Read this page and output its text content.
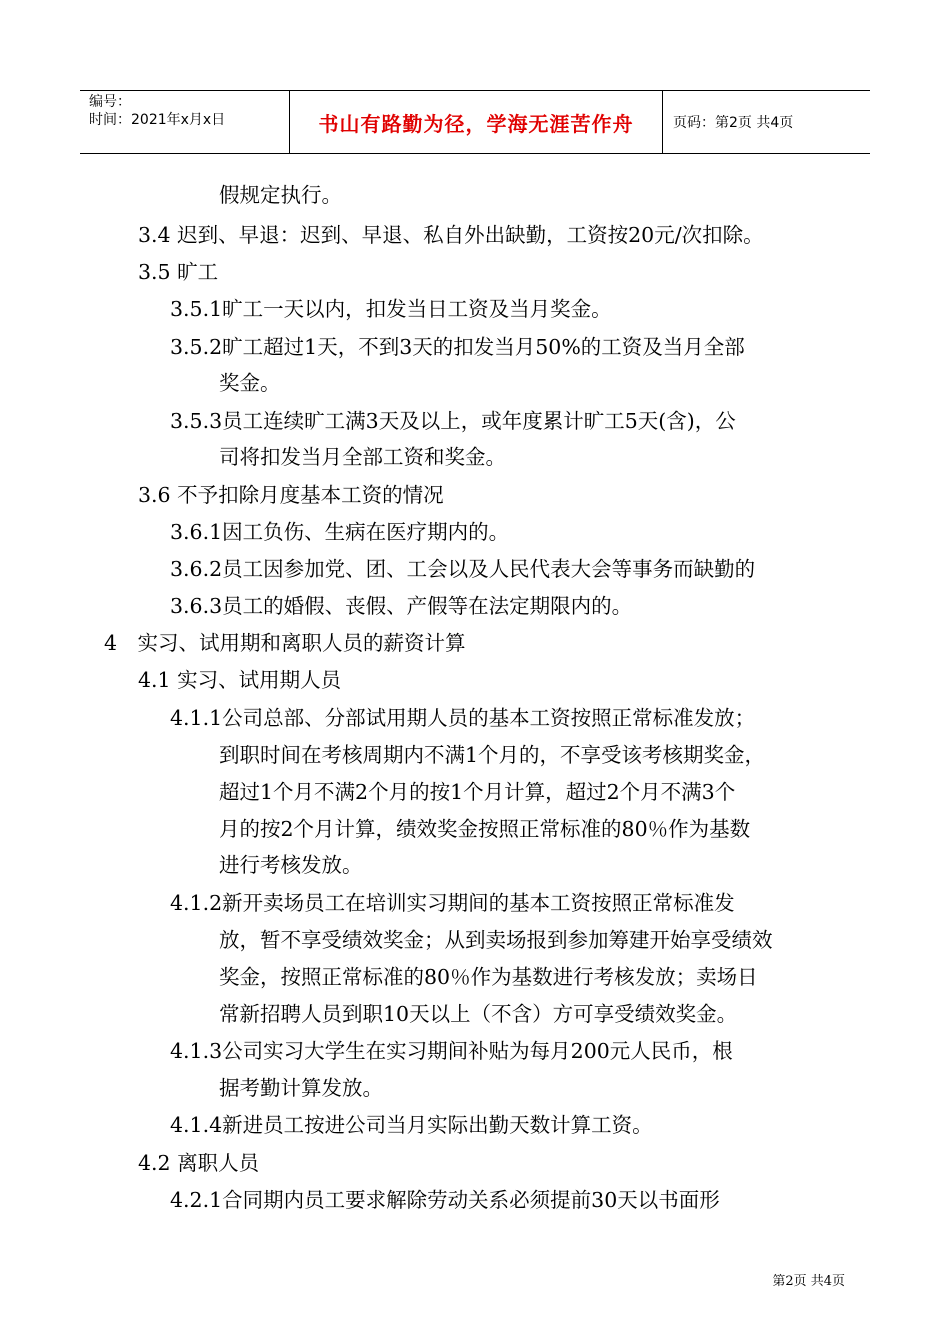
编号：
时间：2021年x月x日	书山有路勤为径，学海无涯苦作舟	页码：第2页 共4页
假规定执行。
3.4 迟到、早退：迟到、早退、私自外出缺勤，工资按20元/次扣除。
3.5 旷工
3.5.1旷工一天以内，扣发当日工资及当月奖金。
3.5.2旷工超过1天，不到3天的扣发当月50%的工资及当月全部
奖金。
3.5.3员工连续旷工满3天及以上，或年度累计旷工5天(含)，公
司将扣发当月全部工资和奖金。
3.6 不予扣除月度基本工资的情况
3.6.1因工负伤、生病在医疗期内的。
3.6.2员工因参加党、团、工会以及人民代表大会等事务而缺勤的
3.6.3员工的婚假、丧假、产假等在法定期限内的。
4　实习、试用期和离职人员的薪资计算
4.1 实习、试用期人员
4.1.1公司总部、分部试用期人员的基本工资按照正常标准发放；
到职时间在考核周期内不满1个月的，不享受该考核期奖金，
超过1个月不满2个月的按1个月计算，超过2个月不满3个
月的按2个月计算，绩效奖金按照正常标准的80％作为基数
进行考核发放。
4.1.2新开卖场员工在培训实习期间的基本工资按照正常标准发
放，暂不享受绩效奖金；从到卖场报到参加筹建开始享受绩效
奖金，按照正常标准的80％作为基数进行考核发放；卖场日
常新招聘人员到职10天以上（不含）方可享受绩效奖金。
4.1.3公司实习大学生在实习期间补贴为每月200元人民币，根
据考勤计算发放。
4.1.4新进员工按进公司当月实际出勤天数计算工资。
4.2 离职人员
4.2.1合同期内员工要求解除劳动关系必须提前30天以书面形
第2页 共4页
